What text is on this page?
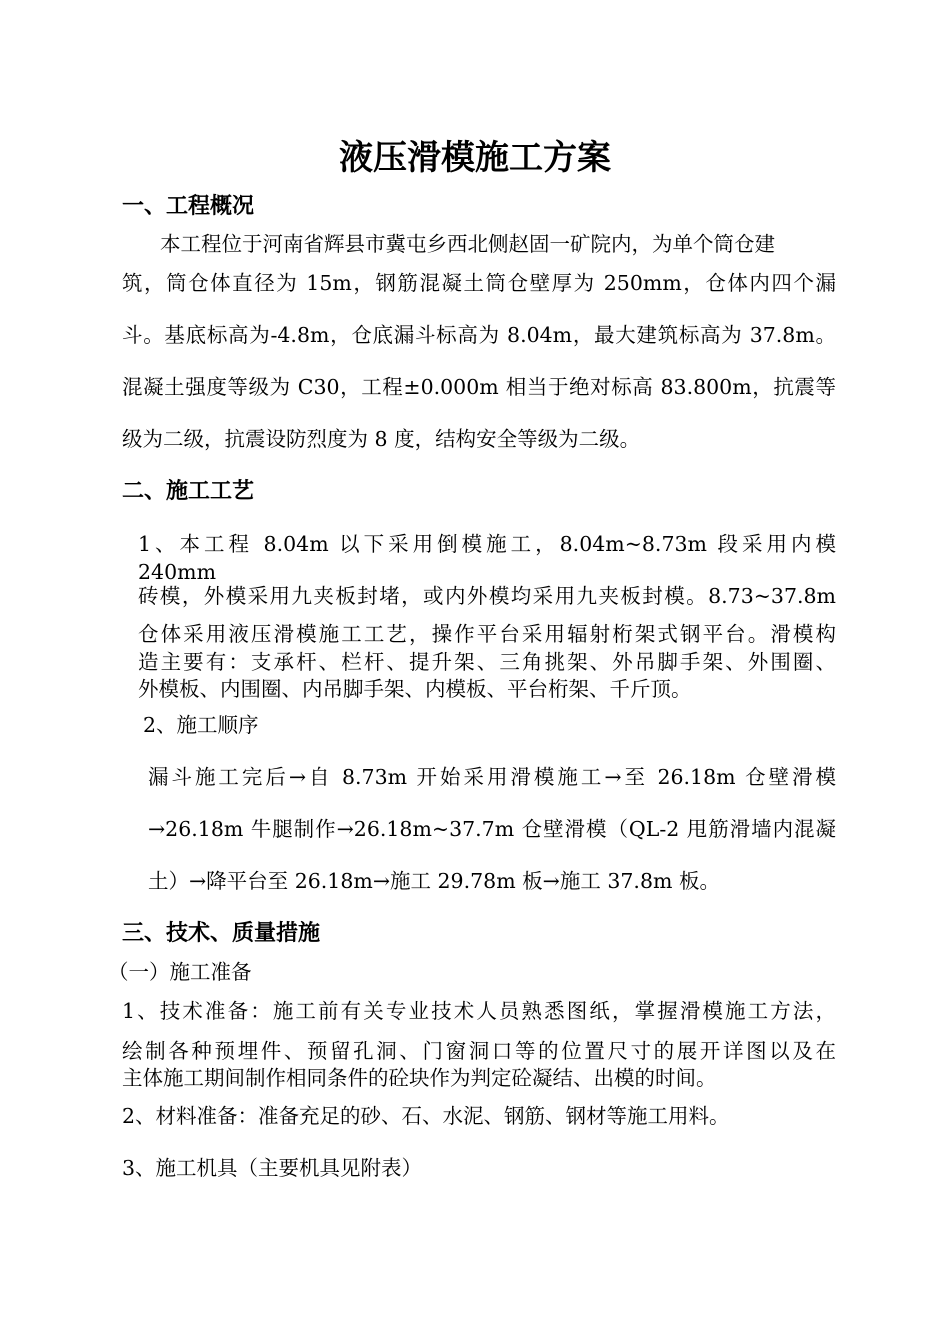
液压滑模施工方案
一、工程概况

本工程位于河南省辉县市冀屯乡西北侧赵固一矿院内，为单个筒仓建

筑，筒仓体直径为 15m，钢筋混凝土筒仓壁厚为 250mm，仓体内四个漏

斗。基底标高为-4.8m，仓底漏斗标高为 8.04m，最大建筑标高为 37.8m。

混凝土强度等级为 C30，工程±0.000m 相当于绝对标高 83.800m，抗震等

级为二级，抗震设防烈度为 8 度，结构安全等级为二级。

二、施工工艺

1、本工程 8.04m 以下采用倒模施工，8.04m~8.73m 段采用内模 240mm

砖模，外模采用九夹板封堵，或内外模均采用九夹板封模。8.73~37.8m

仓体采用液压滑模施工工艺，操作平台采用辐射桁架式钢平台。滑模构

造主要有：支承杆、栏杆、提升架、三角挑架、外吊脚手架、外围圈、

外模板、内围圈、内吊脚手架、内模板、平台桁架、千斤顶。

2、施工顺序

漏斗施工完后→自 8.73m 开始采用滑模施工→至 26.18m 仓壁滑模

→26.18m 牛腿制作→26.18m~37.7m 仓壁滑模（QL-2 甩筋滑墙内混凝

土）→降平台至 26.18m→施工 29.78m 板→施工 37.8m 板。

三、技术、质量措施

（一）施工准备

1、技术准备：施工前有关专业技术人员熟悉图纸，掌握滑模施工方法，

绘制各种预埋件、预留孔洞、门窗洞口等的位置尺寸的展开详图以及在

主体施工期间制作相同条件的砼块作为判定砼凝结、出模的时间。

2、材料准备：准备充足的砂、石、水泥、钢筋、钢材等施工用料。

3、施工机具（主要机具见附表）
